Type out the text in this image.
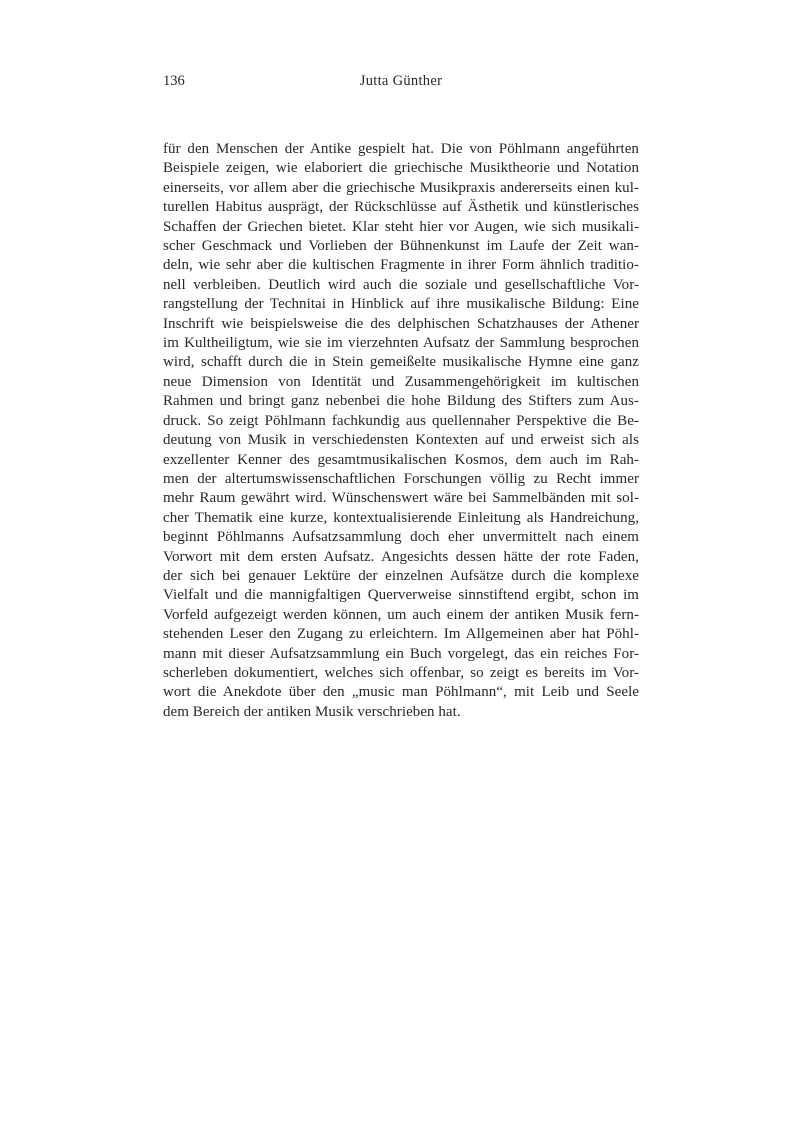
136	Jutta Günther
für den Menschen der Antike gespielt hat. Die von Pöhlmann angeführten
Beispiele zeigen, wie elaboriert die griechische Musiktheorie und Notation
einerseits, vor allem aber die griechische Musikpraxis andererseits einen kul-
turellen Habitus ausprägt, der Rückschlüsse auf Ästhetik und künstlerisches
Schaffen der Griechen bietet. Klar steht hier vor Augen, wie sich musikali-
scher Geschmack und Vorlieben der Bühnenkunst im Laufe der Zeit wan-
deln, wie sehr aber die kultischen Fragmente in ihrer Form ähnlich traditio-
nell verbleiben. Deutlich wird auch die soziale und gesellschaftliche Vor-
rangstellung der Technitai in Hinblick auf ihre musikalische Bildung: Eine
Inschrift wie beispielsweise die des delphischen Schatzhauses der Athener
im Kultheiligtum, wie sie im vierzehnten Aufsatz der Sammlung besprochen
wird, schafft durch die in Stein gemeißelte musikalische Hymne eine ganz
neue Dimension von Identität und Zusammengehörigkeit im kultischen
Rahmen und bringt ganz nebenbei die hohe Bildung des Stifters zum Aus-
druck. So zeigt Pöhlmann fachkundig aus quellennaher Perspektive die Be-
deutung von Musik in verschiedensten Kontexten auf und erweist sich als
exzellenter Kenner des gesamtmusikalischen Kosmos, dem auch im Rah-
men der altertumswissenschaftlichen Forschungen völlig zu Recht immer
mehr Raum gewährt wird. Wünschenswert wäre bei Sammelbänden mit sol-
cher Thematik eine kurze, kontextualisierende Einleitung als Handreichung,
beginnt Pöhlmanns Aufsatzsammlung doch eher unvermittelt nach einem
Vorwort mit dem ersten Aufsatz. Angesichts dessen hätte der rote Faden,
der sich bei genauer Lektüre der einzelnen Aufsätze durch die komplexe
Vielfalt und die mannigfaltigen Querverweise sinnstiftend ergibt, schon im
Vorfeld aufgezeigt werden können, um auch einem der antiken Musik fern-
stehenden Leser den Zugang zu erleichtern. Im Allgemeinen aber hat Pöhl-
mann mit dieser Aufsatzsammlung ein Buch vorgelegt, das ein reiches For-
scherleben dokumentiert, welches sich offenbar, so zeigt es bereits im Vor-
wort die Anekdote über den „music man Pöhlmann“, mit Leib und Seele
dem Bereich der antiken Musik verschrieben hat.
